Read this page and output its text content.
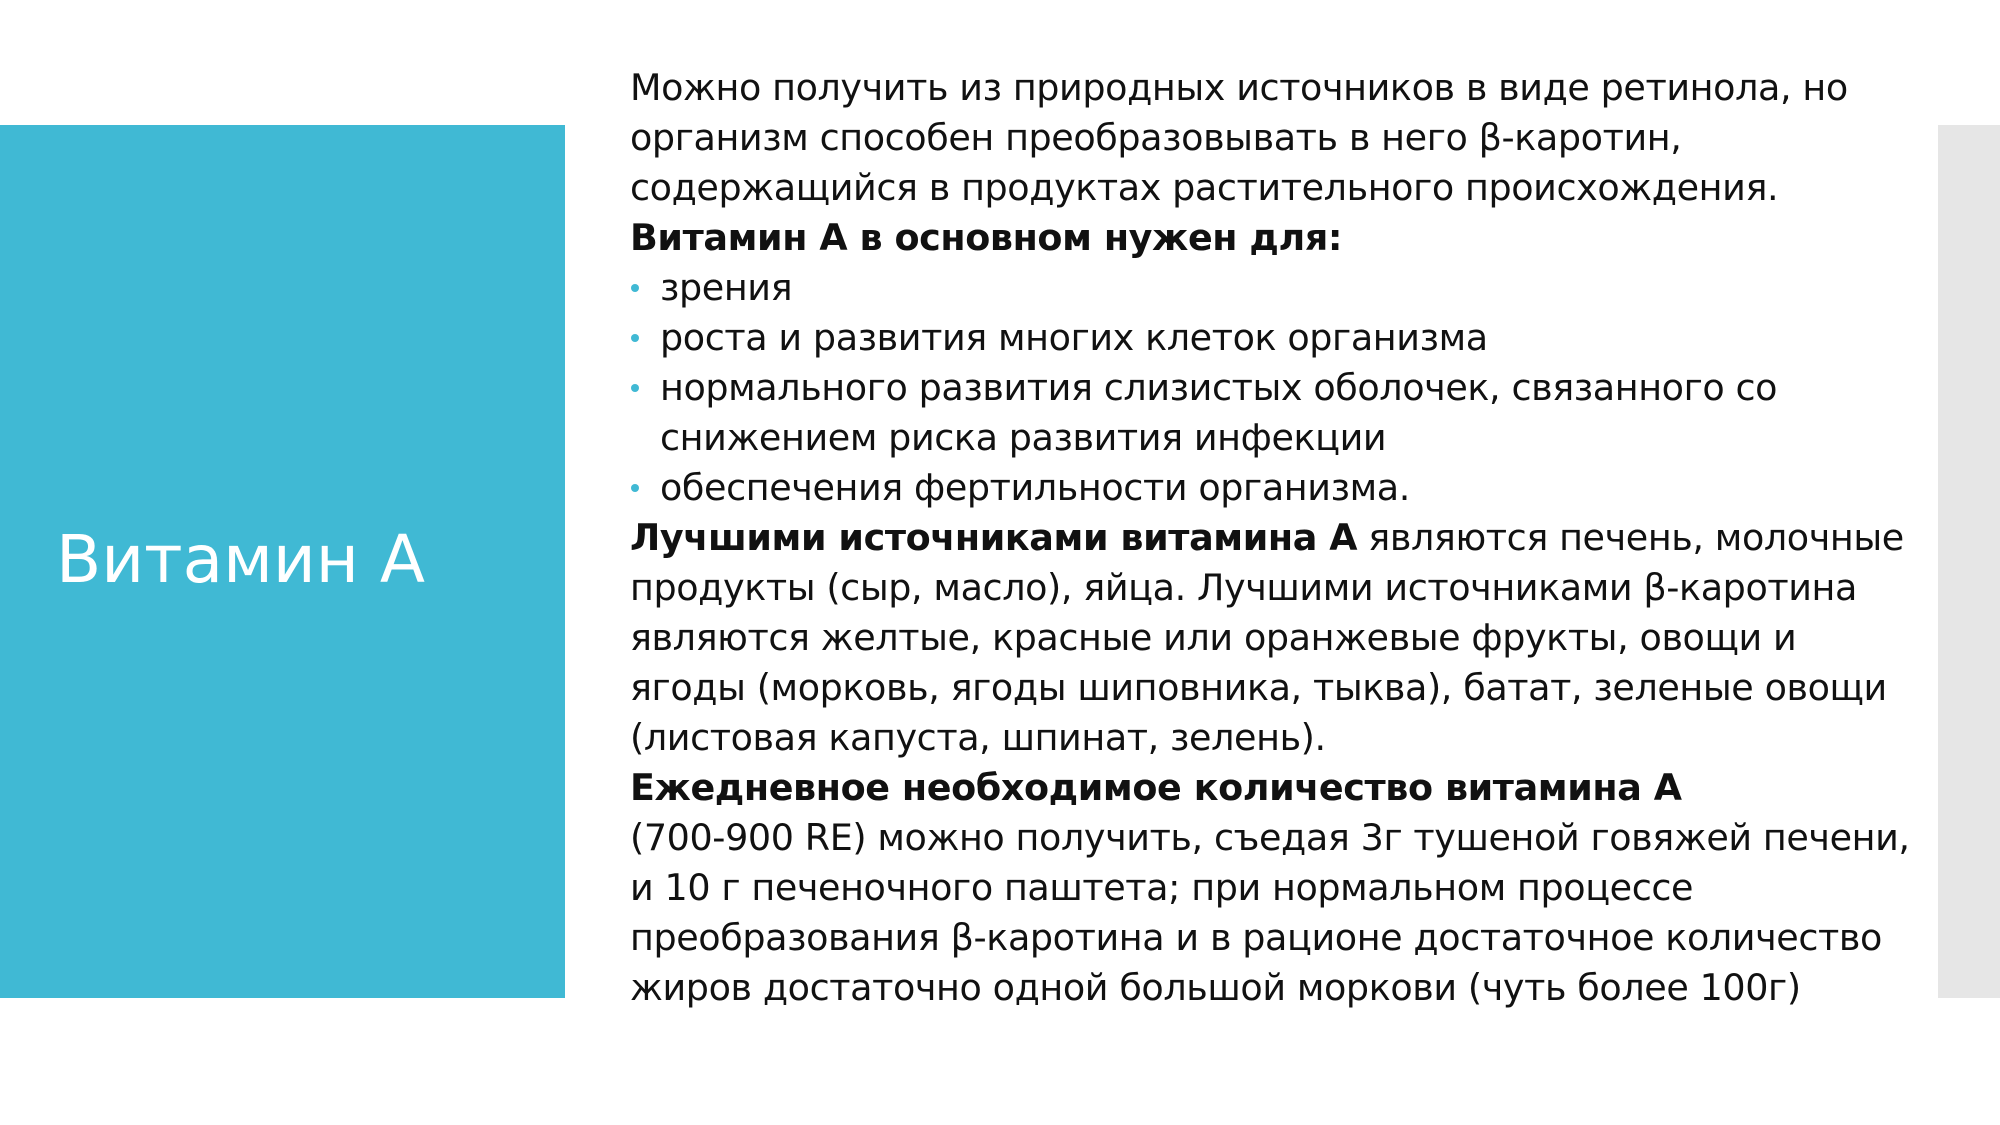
Витамин А

Можно получить из природных источников в виде ретинола, но организм способен преобразовывать в него β-каротин, содержащийся в продуктах растительного происхождения.

Витамин А в основном нужен для:

зрения
роста и развития многих клеток организма
нормального развития слизистых оболочек, связанного со снижением риска развития инфекции
обеспечения фертильности организма.

Лучшими источниками витамина А являются печень, молочные продукты (сыр, масло), яйца. Лучшими источниками β-каротина являются желтые, красные или оранжевые фрукты, овощи и ягоды (морковь, ягоды шиповника, тыква), батат, зеленые овощи (листовая капуста, шпинат, зелень).

Ежедневное необходимое количество витамина А

(700-900 RE) можно получить, съедая 3г тушеной говяжей печени, и 10 г печеночного паштета; при нормальном процессе преобразования β-каротина и в рационе достаточное количество жиров достаточно одной большой моркови (чуть более 100г)
